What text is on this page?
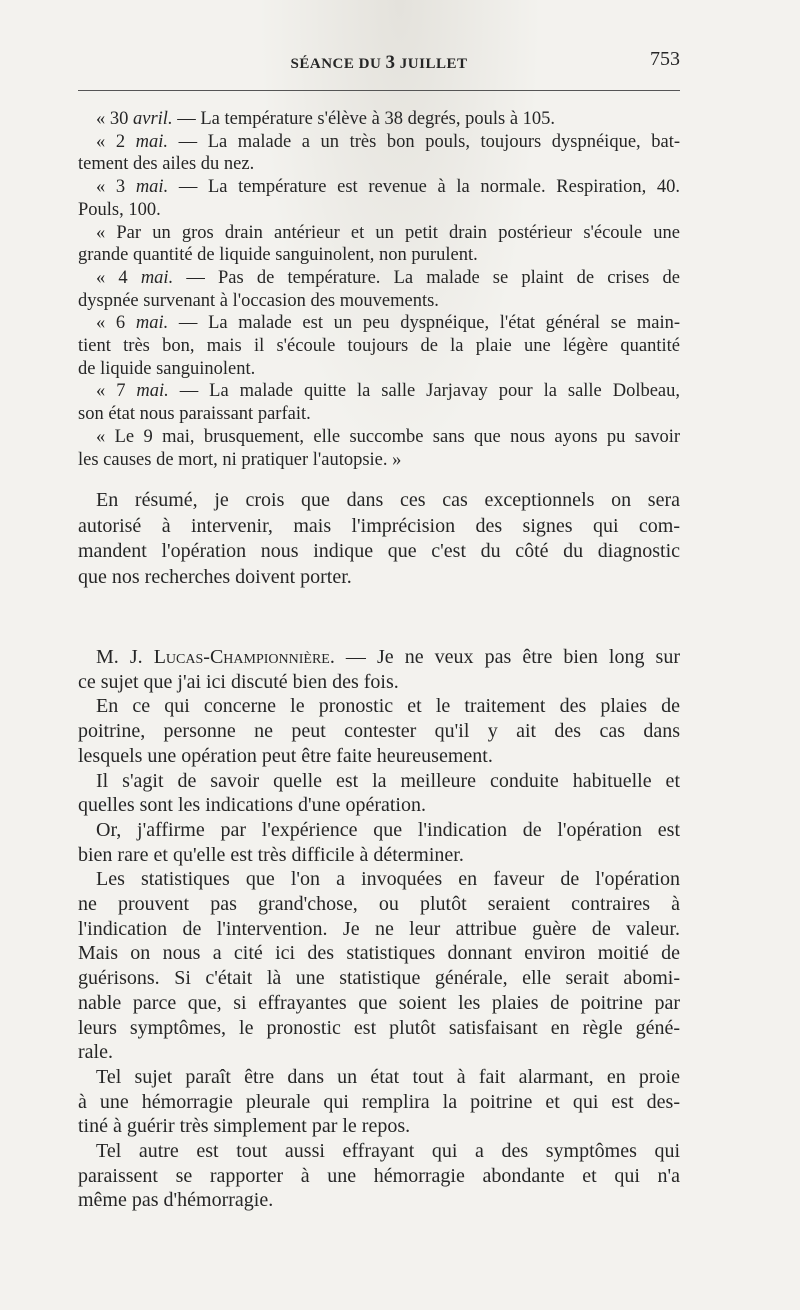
SÉANCE DU 3 JUILLET	753
« 30 avril. — La température s'élève à 38 degrés, pouls à 105.
« 2 mai. — La malade a un très bon pouls, toujours dyspnéique, bat-
tement des ailes du nez.
« 3 mai. — La température est revenue à la normale. Respiration, 40.
Pouls, 100.
« Par un gros drain antérieur et un petit drain postérieur s'écoule une
grande quantité de liquide sanguinolent, non purulent.
« 4 mai. — Pas de température. La malade se plaint de crises de
dyspnée survenant à l'occasion des mouvements.
« 6 mai. — La malade est un peu dyspnéique, l'état général se main-
tient très bon, mais il s'écoule toujours de la plaie une légère quantité
de liquide sanguinolent.
« 7 mai. — La malade quitte la salle Jarjavay pour la salle Dolbeau,
son état nous paraissant parfait.
« Le 9 mai, brusquement, elle succombe sans que nous ayons pu savoir
les causes de mort, ni pratiquer l'autopsie. »
En résumé, je crois que dans ces cas exceptionnels on sera
autorisé à intervenir, mais l'imprécision des signes qui com-
mandent l'opération nous indique que c'est du côté du diagnostic
que nos recherches doivent porter.
M. J. Lucas-Championnière. — Je ne veux pas être bien long sur
ce sujet que j'ai ici discuté bien des fois.
En ce qui concerne le pronostic et le traitement des plaies de
poitrine, personne ne peut contester qu'il y ait des cas dans
lesquels une opération peut être faite heureusement.
Il s'agit de savoir quelle est la meilleure conduite habituelle et
quelles sont les indications d'une opération.
Or, j'affirme par l'expérience que l'indication de l'opération est
bien rare et qu'elle est très difficile à déterminer.
Les statistiques que l'on a invoquées en faveur de l'opération
ne prouvent pas grand'chose, ou plutôt seraient contraires à
l'indication de l'intervention. Je ne leur attribue guère de valeur.
Mais on nous a cité ici des statistiques donnant environ moitié de
guérisons. Si c'était là une statistique générale, elle serait abomi-
nable parce que, si effrayantes que soient les plaies de poitrine par
leurs symptômes, le pronostic est plutôt satisfaisant en règle géné-
rale.
Tel sujet paraît être dans un état tout à fait alarmant, en proie
à une hémorragie pleurale qui remplira la poitrine et qui est des-
tiné à guérir très simplement par le repos.
Tel autre est tout aussi effrayant qui a des symptômes qui
paraissent se rapporter à une hémorragie abondante et qui n'a
même pas d'hémorragie.
